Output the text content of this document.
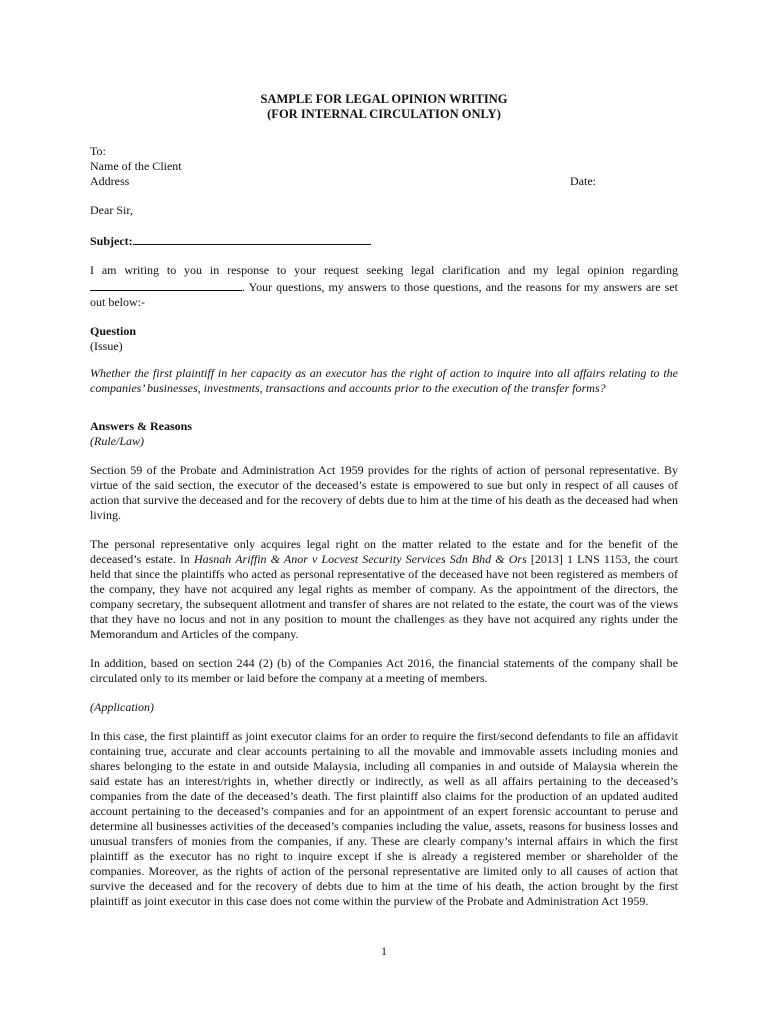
SAMPLE FOR LEGAL OPINION WRITING
(FOR INTERNAL CIRCULATION ONLY)
To:
Name of the Client
Address	Date:
Dear Sir,
Subject:

I am writing to you in response to your request seeking legal clarification and my legal opinion regarding . Your questions, my answers to those questions, and the reasons for my answers are set out below:-

Question
(Issue)

Whether the first plaintiff in her capacity as an executor has the right of action to inquire into all affairs relating to the companies’ businesses, investments, transactions and accounts prior to the execution of the transfer forms?

Answers & Reasons
(Rule/Law)

Section 59 of the Probate and Administration Act 1959 provides for the rights of action of personal representative. By virtue of the said section, the executor of the deceased’s estate is empowered to sue but only in respect of all causes of action that survive the deceased and for the recovery of debts due to him at the time of his death as the deceased had when living.

The personal representative only acquires legal right on the matter related to the estate and for the benefit of the deceased’s estate. In Hasnah Ariffin & Anor v Locvest Security Services Sdn Bhd & Ors [2013] 1 LNS 1153, the court held that since the plaintiffs who acted as personal representative of the deceased have not been registered as members of the company, they have not acquired any legal rights as member of company. As the appointment of the directors, the company secretary, the subsequent allotment and transfer of shares are not related to the estate, the court was of the views that they have no locus and not in any position to mount the challenges as they have not acquired any rights under the Memorandum and Articles of the company.

In addition, based on section 244 (2) (b) of the Companies Act 2016, the financial statements of the company shall be circulated only to its member or laid before the company at a meeting of members.

(Application)

In this case, the first plaintiff as joint executor claims for an order to require the first/second defendants to file an affidavit containing true, accurate and clear accounts pertaining to all the movable and immovable assets including monies and shares belonging to the estate in and outside Malaysia, including all companies in and outside of Malaysia wherein the said estate has an interest/rights in, whether directly or indirectly, as well as all affairs pertaining to the deceased’s companies from the date of the deceased’s death. The first plaintiff also claims for the production of an updated audited account pertaining to the deceased’s companies and for an appointment of an expert forensic accountant to peruse and determine all businesses activities of the deceased’s companies including the value, assets, reasons for business losses and unusual transfers of monies from the companies, if any. These are clearly company’s internal affairs in which the first plaintiff as the executor has no right to inquire except if she is already a registered member or shareholder of the companies. Moreover, as the rights of action of the personal representative are limited only to all causes of action that survive the deceased and for the recovery of debts due to him at the time of his death, the action brought by the first plaintiff as joint executor in this case does not come within the purview of the Probate and Administration Act 1959.

1
